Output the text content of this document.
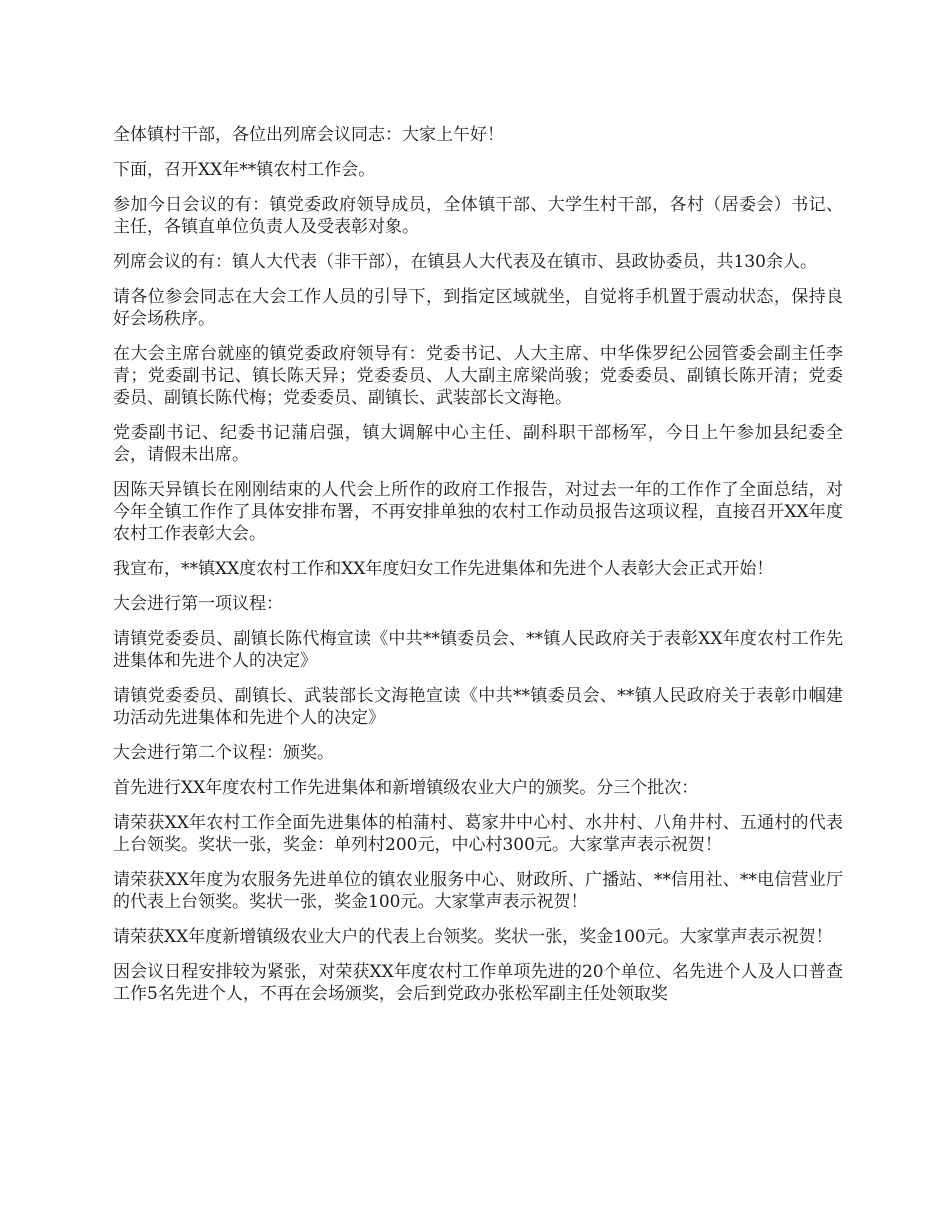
全体镇村干部，各位出列席会议同志：大家上午好！

下面，召开XX年**镇农村工作会。

参加今日会议的有：镇党委政府领导成员，全体镇干部、大学生村干部，各村（居委会）书记、主任，各镇直单位负责人及受表彰对象。

列席会议的有：镇人大代表（非干部），在镇县人大代表及在镇市、县政协委员，共130余人。

请各位参会同志在大会工作人员的引导下，到指定区域就坐，自觉将手机置于震动状态，保持良好会场秩序。

在大会主席台就座的镇党委政府领导有：党委书记、人大主席、中华侏罗纪公园管委会副主任李青；党委副书记、镇长陈天异；党委委员、人大副主席梁尚骏；党委委员、副镇长陈开清；党委委员、副镇长陈代梅；党委委员、副镇长、武装部长文海艳。

党委副书记、纪委书记蒲启强，镇大调解中心主任、副科职干部杨军，今日上午参加县纪委全会，请假未出席。

因陈天异镇长在刚刚结束的人代会上所作的政府工作报告，对过去一年的工作作了全面总结，对今年全镇工作作了具体安排布署，不再安排单独的农村工作动员报告这项议程，直接召开XX年度农村工作表彰大会。

我宣布，**镇XX度农村工作和XX年度妇女工作先进集体和先进个人表彰大会正式开始！

大会进行第一项议程：

请镇党委委员、副镇长陈代梅宣读《中共**镇委员会、**镇人民政府关于表彰XX年度农村工作先进集体和先进个人的决定》

请镇党委委员、副镇长、武装部长文海艳宣读《中共**镇委员会、**镇人民政府关于表彰巾帼建功活动先进集体和先进个人的决定》

大会进行第二个议程：颁奖。

首先进行XX年度农村工作先进集体和新增镇级农业大户的颁奖。分三个批次：

请荣获XX年农村工作全面先进集体的柏蒲村、葛家井中心村、水井村、八角井村、五通村的代表上台领奖。奖状一张，奖金：单列村200元，中心村300元。大家掌声表示祝贺！

请荣获XX年度为农服务先进单位的镇农业服务中心、财政所、广播站、**信用社、**电信营业厅的代表上台领奖。奖状一张，奖金100元。大家掌声表示祝贺！

请荣获XX年度新增镇级农业大户的代表上台领奖。奖状一张，奖金100元。大家掌声表示祝贺！

因会议日程安排较为紧张，对荣获XX年度农村工作单项先进的20个单位、名先进个人及人口普查工作5名先进个人，不再在会场颁奖，会后到党政办张松军副主任处领取奖
